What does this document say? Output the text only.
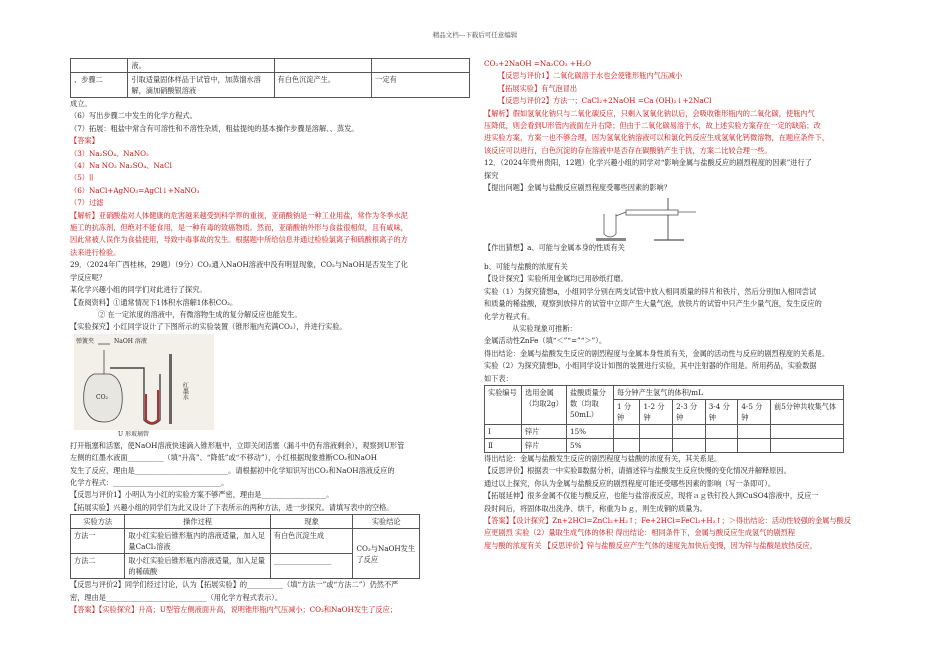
精品文档---下载后可任意编辑
	液。		
、步骤二	引取适量固体样品于试管中，加蒸馏水溶解，滴加硝酸银溶液	有白色沉淀产生。	一定有

成立。

（6）写出步骤二中发生的化学方程式。

（7）拓展：粗盐中常含有可溶性和不溶性杂质，粗盐提纯的基本操作步骤是溶解、、蒸发。

【答案】

（3）Na₂SO₄、NaNO₂

（4）Na NO₂ Na₂SO₄、NaCl

（5）∣∣

（6）NaCl+AgNO₃=AgCl↓+NaNO₃

（7）过滤

【解析】亚硝酸盐对人体健康的危害越来越受到科学界的重视，亚硝酸钠是一种工业用盐，常作为冬季水泥

施工的抗冻剂，但绝对不能食用，是一种有毒的致癌物质。然而，亚硝酸钠外形与食盐很相似，且有咸味，

因此常被人误作为食盐使用，导致中毒事故的发生。根据题中所给信息并通过检验氯离子和硫酸根离子的方

法来进行检验。

29．（2024年广西桂林，29题）（9分）CO₂通入NaOH溶液中没有明显现象，CO₂与NaOH是否发生了化

学反应呢？

某化学兴趣小组的同学们对此进行了探究。

【查阅资料】①通常情况下1体积水溶解1体积CO₂。

② 在一定浓度的溶液中，有微溶物生成的复分解反应也能发生。

【实验探究】小红同学设计了下图所示的实验装置（锥形瓶内充满CO₂），并进行实验。

NaOH 溶液
弹簧夹
CO₂	红墨水

U 形玻璃管

打开瓶塞和活塞，使NaOH溶液快速滴入锥形瓶中，立即关闭活塞（漏斗中仍有溶液剩余），观察到U形管

左侧的红墨水液面__________（填“升高”、“降低”或“不移动”），小红根据现象推断CO₂和NaOH

发生了反应，理由是__________________________。请根据初中化学知识写出CO₂和NaOH溶液反应的

化学方程式：______________________________。

【反思与评价1】小明认为小红的实验方案不够严密，理由是__________________。

【拓展实验】兴趣小组的同学们为此又设计了下表所示的两种方法，进一步探究。请填写表中的空格。

实验方法	操作过程	现象	实验结论
方法一	取小红实验后锥形瓶内的溶液适量，加入足量CaCl₂溶液	有白色沉淀生成	CO₂与NaOH发生了反应
方法二	取小红实验后锥形瓶内溶液适量，加入足量的稀硫酸	________________	

【反思与评价2】同学们经过讨论，认为【拓展实验】的__________（填“方法一”或“方法二”）仍然不严

密，理由是____________________________（用化学方程式表示）。

【答案】【实验探究】升高；U型管左侧液面升高，说明锥形瓶内气压减小；CO₂和NaOH发生了反应；

CO₂+2NaOH =Na₂CO₃ +H₂O

【反思与评价1】二氧化碳溶于水也会使锥形瓶内气压减小

【拓展实验】有气泡冒出

【反思与评价2】方法一；CaCl₂+2NaOH =Ca (OH)₂↓+2NaCl

【解析】假如氢氧化钠只与二氧化碳反应，只剩入氢氧化钠以后，会吸收锥形瓶内的二氧化碳，使瓶内气

压降低，则会看到U形管内液面左升右降；但由于二氧化碳易溶于水，故上述实验方案存在一定的缺陷；改

进实验方案，方案一也不够合理，因为氢氧化钠溶液可以和氯化钙反应生成氢氧化钙微溶物，在题应条件下，

该反应可以进行，白色沉淀的存在溶液中是否存在碳酸钠产生于扰，方案二比较合理一些。

12．（2024年贵州贵阳，12题）化学兴趣小组的同学对“影响金属与盐酸反应的剧烈程度的因素”进行了

探究

【提出问题】金属与盐酸反应剧烈程度受哪些因素的影响？

【作出猜想】a、可能与金属本身的性质有关

b、可能与盐酸的浓度有关

【设计探究】实验所用金属均已用砂纸打磨。

实验（1）为探究猜想a，小组同学分别在两支试管中放入相同质量的锌片和铁片，然后分别加入相同尝试

和质量的稀盐酸，观察到放锌片的试管中立即产生大量气泡，放铁片的试管中只产生少量气泡，发生反应的

化学方程式有。

从实验现象可推断：

金属活动性ZnFe（填“＜”“=”“＞”）。

得出结论：金属与盐酸发生反应的剧烈程度与金属本身性质有关，金属的活动性与反应的剧烈程度的关系是。

实验（2）为探究猜想b，小组同学设计如图的装置进行实验，其中注射器的作用是。所用药品，实验数据

如下表：

实验编号	选用金属（均取2g）	盐酸质量分数（均取50mL）	每分钟产生氢气的体积/mL					
			1 分钟	1-2 分钟	2-3 分钟	3-4 分钟	4-5 分钟	前5分钟共收集气体
Ⅰ	锌片	15%						
Ⅱ	锌片	5%						

得出结论：金属与盐酸发生反应的剧烈程度与盐酸的浓度有关，其关系是。

【反思评价】根据表一中实验Ⅱ数据分析，请描述锌与盐酸发生反应快慢的变化情况并解释原因。

通过以上探究，你认为金属与盐酸反应的剧烈程度可能还受哪些因素的影响（写一条即可）。

【拓展延伸】很多金属不仅能与酸反应，也能与盐溶液反应，现将ａｇ铁钉投入到CuSO4溶液中，反应一

段时间后，将固体取出洗净、烘干，称重为ｂｇ，则生成铜的质量为。

【答案】【设计探究】Zn+2HCl=ZnCl₂+H₂↑；Fe+2HCl=FeCl₂+H₂↑；＞得出结论：活动性较强的金属与酸反

应更剧烈 实验（2）量取生成气体的体积 得出结论：相同条件下，金属与酸反应生成氢气的剧烈程

度与酸的浓度有关 【反思评价】锌与盐酸反应产生气体的速度先加快后变慢，因为锌与盐酸是放热反应，
